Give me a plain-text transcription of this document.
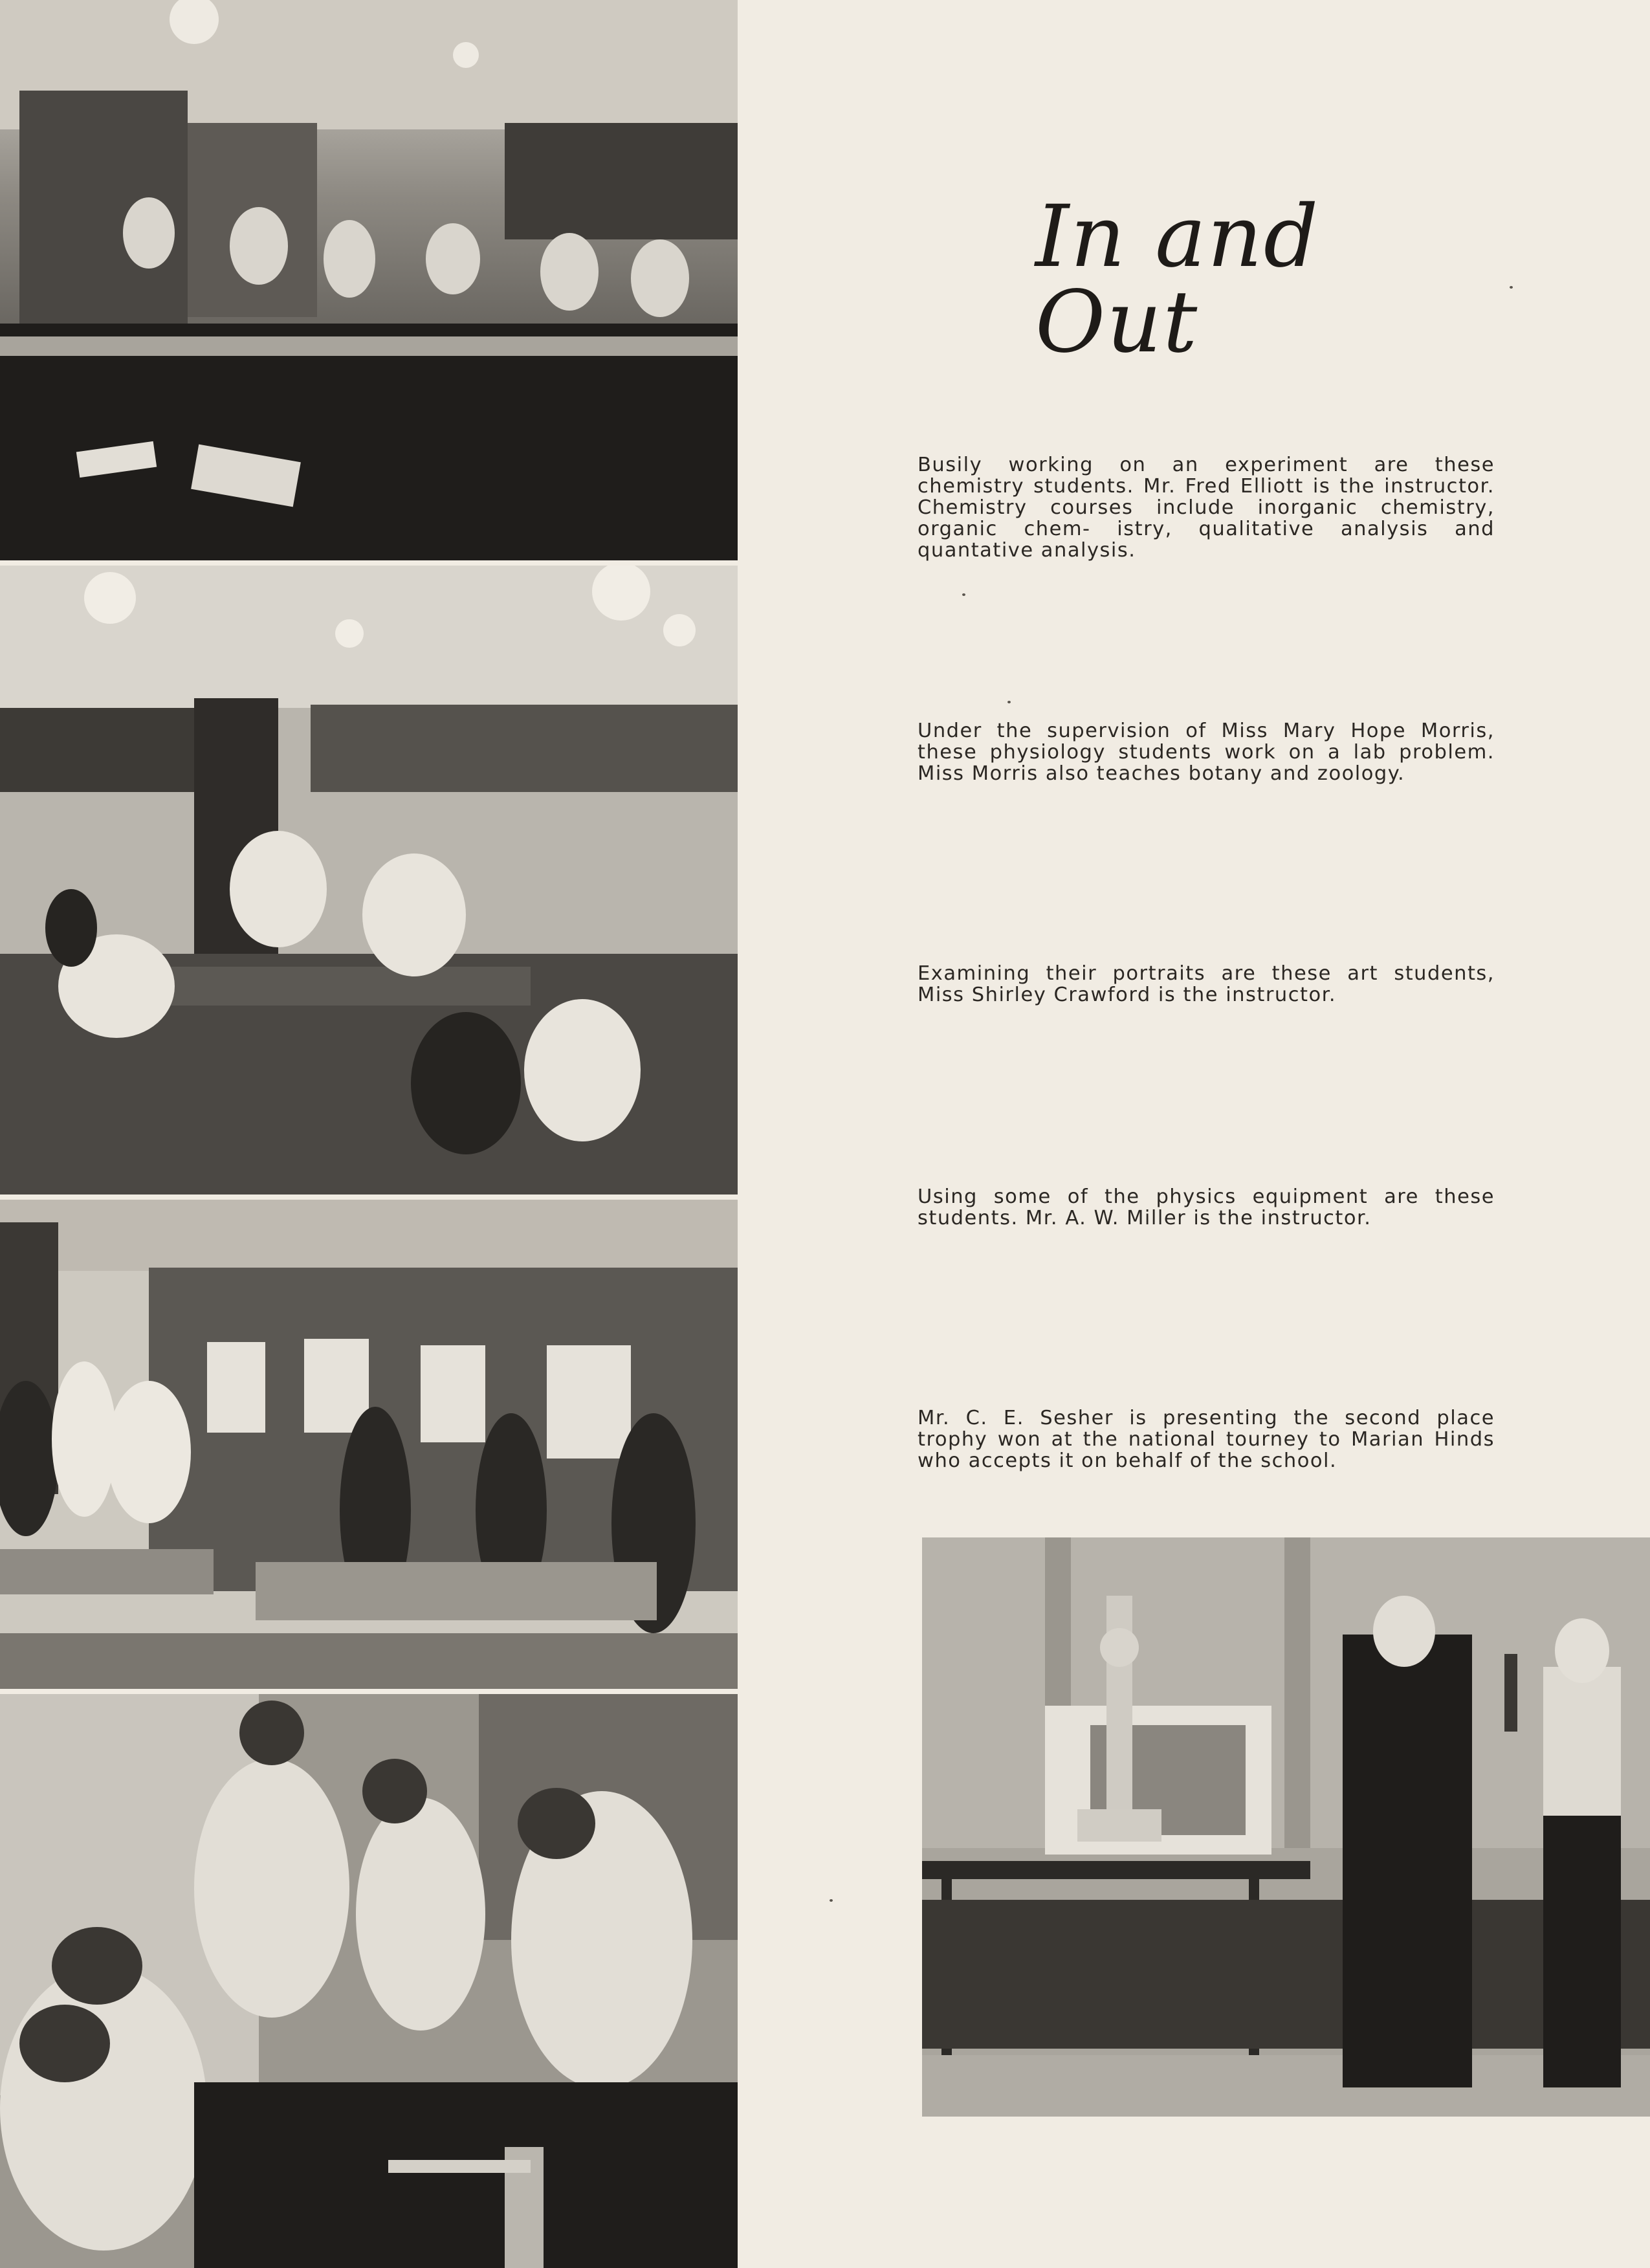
In and Out
Busily working on an experiment are these chemistry students. Mr. Fred Elliott is the instructor. Chemistry courses include inorganic chemistry, organic chem- istry, qualitative analysis and quantative analysis.
Under the supervision of Miss Mary Hope Morris, these physiology students work on a lab problem. Miss Morris also teaches botany and zoology.
Examining their portraits are these art students, Miss Shirley Crawford is the instructor.
Using some of the physics equipment are these students. Mr. A. W. Miller is the instructor.
Mr. C. E. Sesher is presenting the second place trophy won at the national tourney to Marian Hinds who accepts it on behalf of the school.
